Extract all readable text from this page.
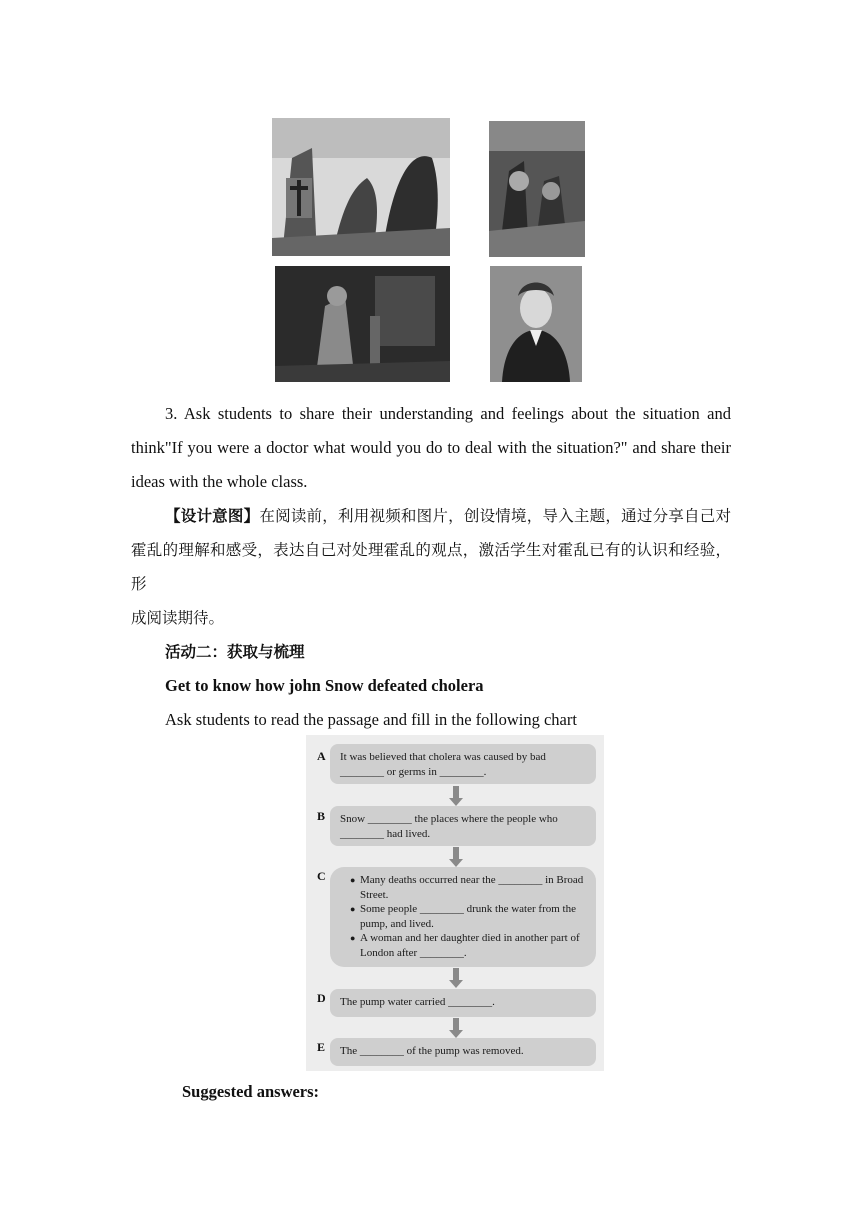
3. Ask students to share their understanding and feelings about the situation and think"If you were a doctor what would you do to deal with the situation?" and share their ideas with the whole class.
【设计意图】在阅读前，利用视频和图片，创设情境，导入主题，通过分享自己对霍乱的理解和感受，表达自己对处理霍乱的观点，激活学生对霍乱已有的认识和经验，形
成阅读期待。
活动二：获取与梳理
Get to know how john Snow defeated cholera
Ask students to read the passage and fill in the following chart
A	It was believed that cholera was caused by bad ________ or germs in ________.
B	Snow ________ the places where the people who ________ had lived.
C	● Many deaths occurred near the ________ in Broad Street.
● Some people ________ drunk the water from the pump, and lived.
● A woman and her daughter died in another part of London after ________.
D	The pump water carried ________.
E	The ________ of the pump was removed.
Suggested answers:
